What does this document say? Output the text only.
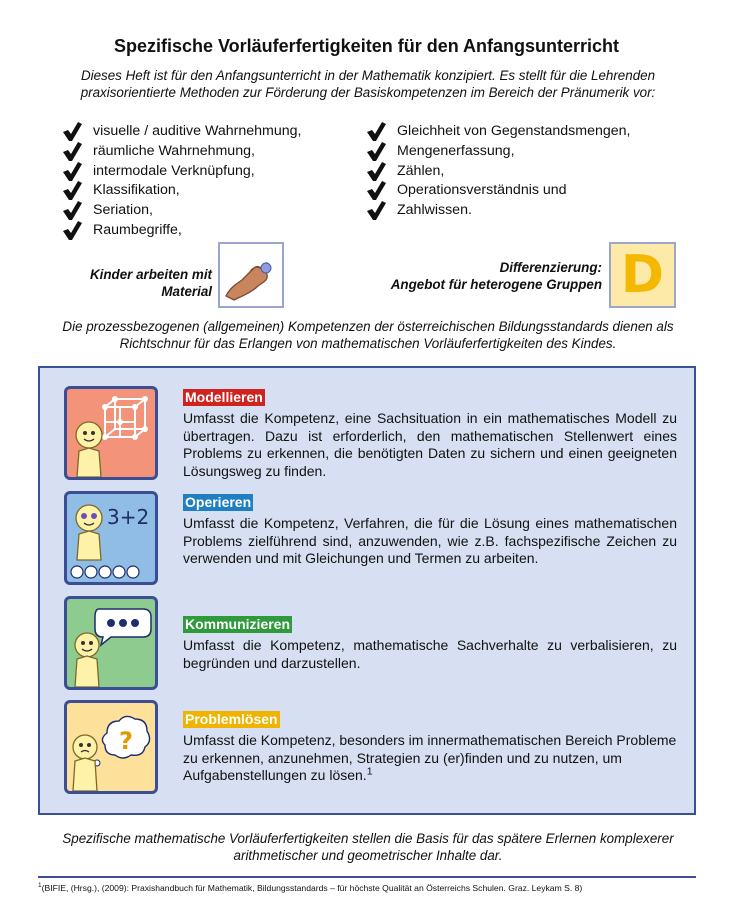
Spezifische Vorläuferfertigkeiten für den Anfangsunterricht

Dieses Heft ist für den Anfangsunterricht in der Mathematik konzipiert. Es stellt für die Lehrenden praxisorientierte Methoden zur Förderung der Basiskompetenzen im Bereich der Pränumerik vor:

visuelle / auditive Wahrnehmung,
räumliche Wahrnehmung,
intermodale Verknüpfung,
Klassifikation,
Seriation,
Raumbegriffe,
Gleichheit von Gegenstandsmengen,
Mengenerfassung,
Zählen,
Operationsverständnis und
Zahlwissen.
Kinder arbeiten mit
Material
Differenzierung:
Angebot für heterogene Gruppen D

Die prozessbezogenen (allgemeinen) Kompetenzen der österreichischen Bildungsstandards dienen als Richtschnur für das Erlangen von mathematischen Vorläuferfertigkeiten des Kindes.

Modellieren

Umfasst die Kompetenz, eine Sachsituation in ein mathematisches Modell zu übertragen. Dazu ist erforderlich, den mathematischen Stellenwert eines Problems zu erkennen, die benötigten Daten zu sichern und einen geeigneten Lösungsweg zu finden.

3+2
Operieren

Umfasst die Kompetenz, Verfahren, die für die Lösung eines mathematischen Problems zielführend sind, anzuwenden, wie z.B. fachspezifische Zeichen zu verwenden und mit Gleichungen und Termen zu arbeiten.

Kommunizieren

Umfasst die Kompetenz, mathematische Sachverhalte zu verbalisieren, zu begründen und darzustellen.

?
Problemlösen

Umfasst die Kompetenz, besonders im innermathematischen Bereich Probleme zu erkennen, anzunehmen, Strategien zu (er)finden und zu nutzen, um Aufgabenstellungen zu lösen.$^1$

Spezifische mathematische Vorläuferfertigkeiten stellen die Basis für das spätere Erlernen komplexerer arithmetischer und geometrischer Inhalte dar.

$^1$(BIFIE, (Hrsg.), (2009): Praxishandbuch für Mathematik, Bildungsstandards – für höchste Qualität an Österreichs Schulen. Graz. Leykam S. 8)
